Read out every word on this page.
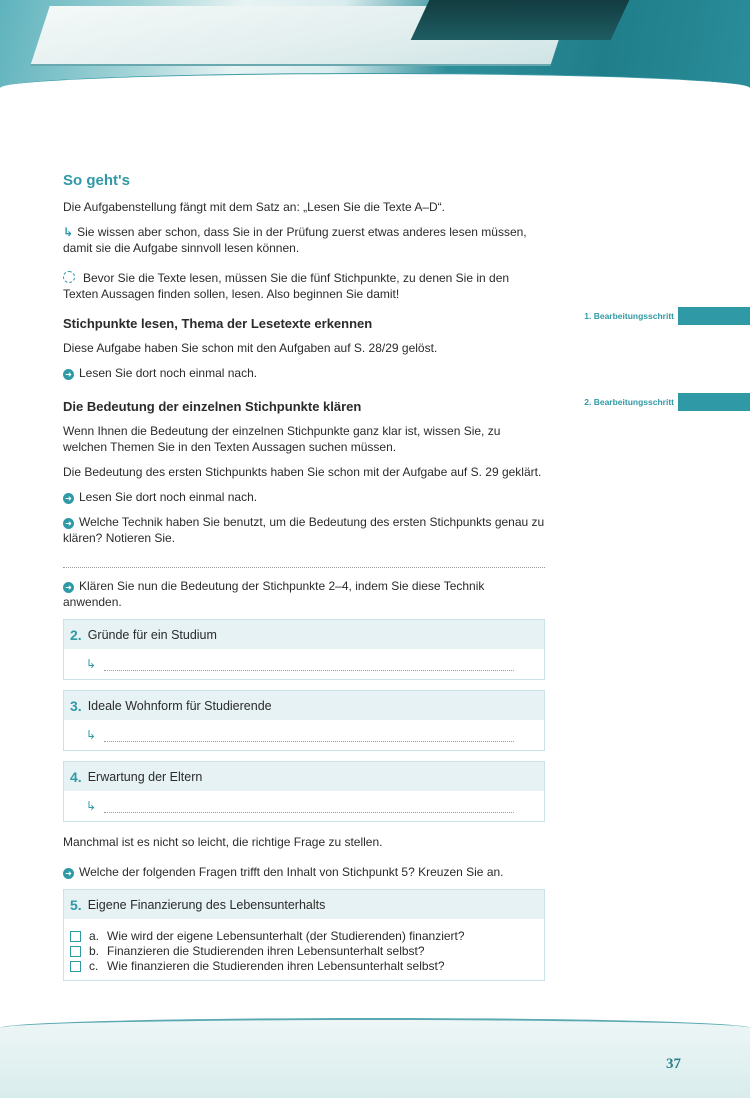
1. Bearbeitungsschritt
2. Bearbeitungsschritt
So geht's

Die Aufgabenstellung fängt mit dem Satz an: „Lesen Sie die Texte A–D“.

↳ Sie wissen aber schon, dass Sie in der Prüfung zuerst etwas anderes lesen müssen, damit sie die Aufgabe sinnvoll lesen können.

Bevor Sie die Texte lesen, müssen Sie die fünf Stichpunkte, zu denen Sie in den Texten Aussagen finden sollen, lesen. Also beginnen Sie damit!

Stichpunkte lesen, Thema der Lesetexte erkennen

Diese Aufgabe haben Sie schon mit den Aufgaben auf S. 28/29 gelöst.

➜ Lesen Sie dort noch einmal nach.

Die Bedeutung der einzelnen Stichpunkte klären

Wenn Ihnen die Bedeutung der einzelnen Stichpunkte ganz klar ist, wissen Sie, zu welchen Themen Sie in den Texten Aussagen suchen müssen.

Die Bedeutung des ersten Stichpunkts haben Sie schon mit der Aufgabe auf S. 29 geklärt.

➜ Lesen Sie dort noch einmal nach.

➜ Welche Technik haben Sie benutzt, um die Bedeutung des ersten Stichpunkts genau zu klären? Notieren Sie.

➜ Klären Sie nun die Bedeutung der Stichpunkte 2–4, indem Sie diese Technik anwenden.

2. Gründe für ein Studium
↳
3. Ideale Wohnform für Studierende
↳
4. Erwartung der Eltern
↳

Manchmal ist es nicht so leicht, die richtige Frage zu stellen.

➜ Welche der folgenden Fragen trifft den Inhalt von Stichpunkt 5? Kreuzen Sie an.

5. Eigene Finanzierung des Lebensunterhalts
a. Wie wird der eigene Lebensunterhalt (der Studierenden) finanziert?
b. Finanzieren die Studierenden ihren Lebensunterhalt selbst?
c. Wie finanzieren die Studierenden ihren Lebensunterhalt selbst?
37
